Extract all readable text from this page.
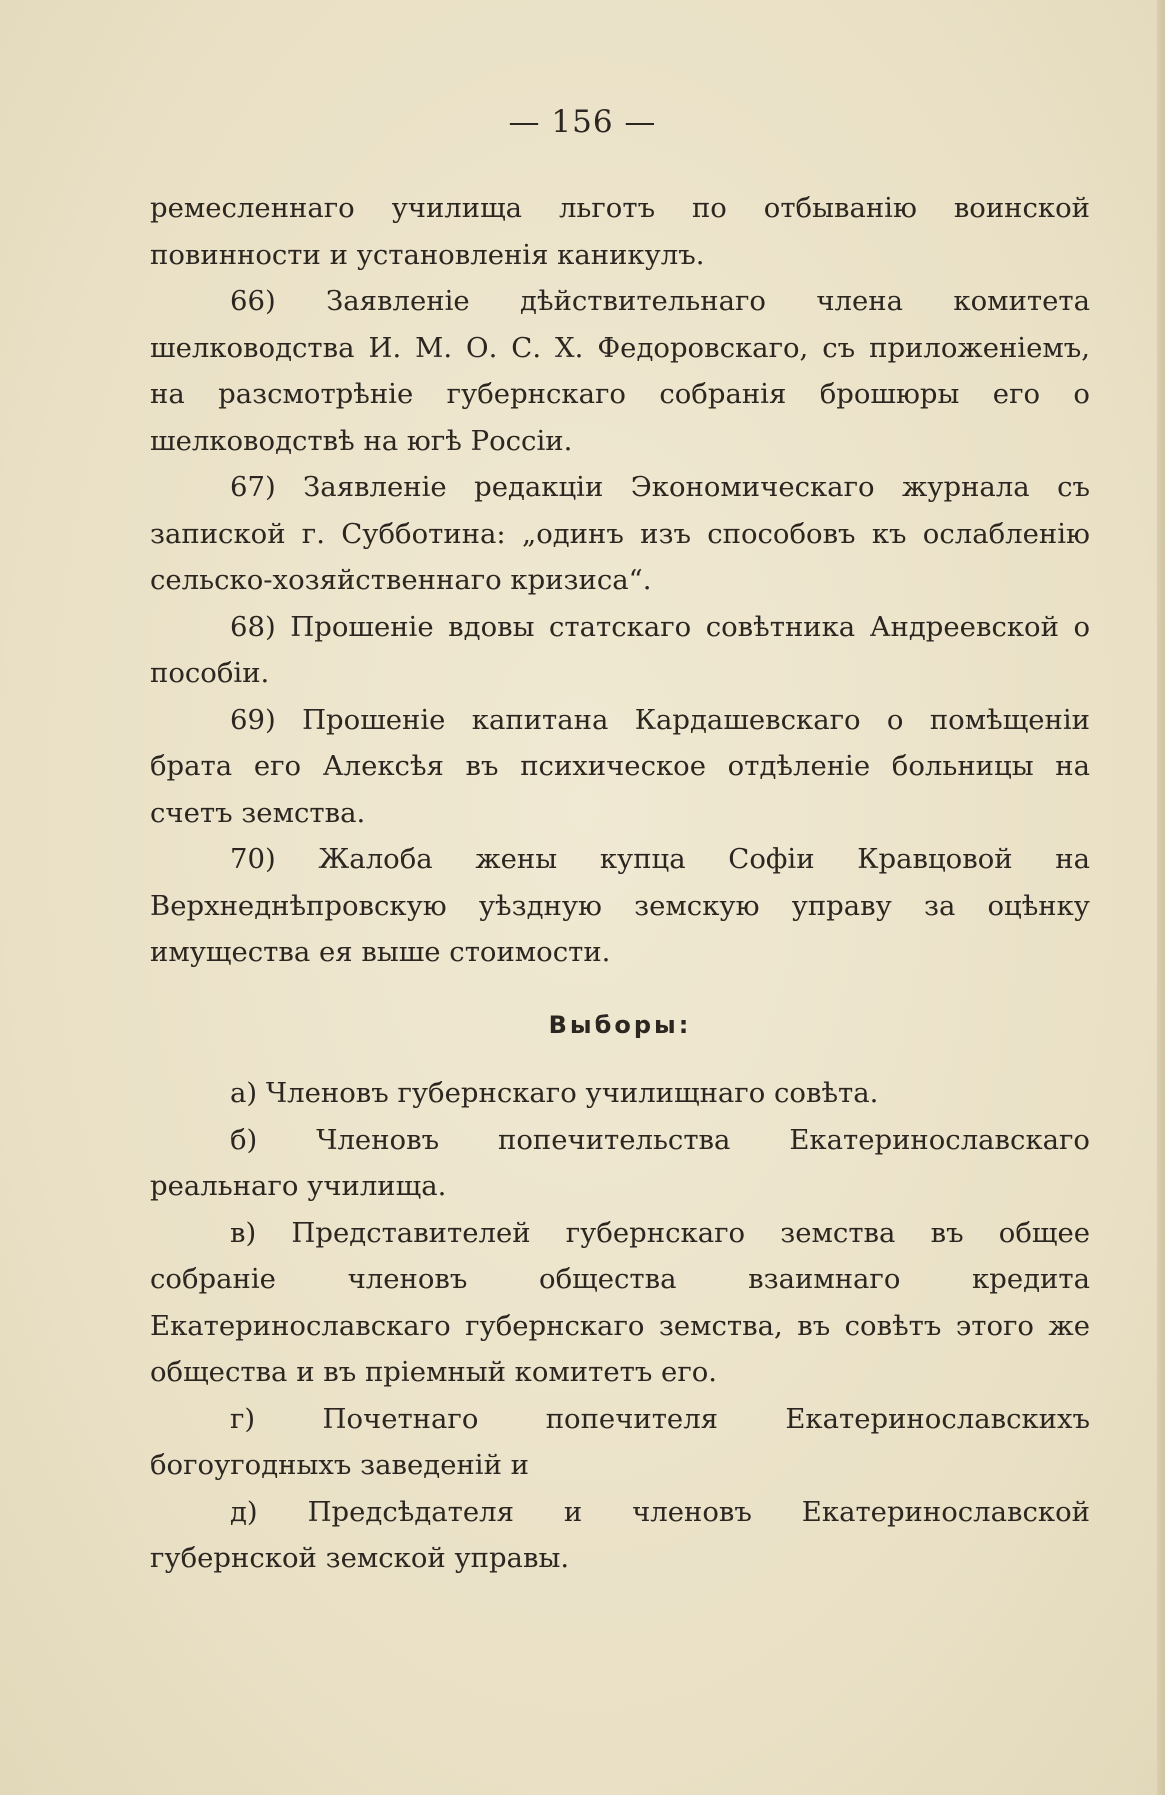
— 156 —

ремесленнаго училища льготъ по отбыванію воинской повинности и установленія каникулъ.

66) Заявленіе дѣйствительнаго члена комитета шелководства И. М. О. С. Х. Федоровскаго, съ приложеніемъ, на разсмотрѣніе губернскаго собранія брошюры его о шелководствѣ на югѣ Россіи.

67) Заявленіе редакціи Экономическаго журнала съ запиской г. Субботина: „одинъ изъ способовъ къ ослабленію сельско-хозяйственнаго кризиса“.

68) Прошеніе вдовы статскаго совѣтника Андреевской о пособіи.

69) Прошеніе капитана Кардашевскаго о помѣщеніи брата его Алексѣя въ психическое отдѣленіе больницы на счетъ земства.

70) Жалоба жены купца Софіи Кравцовой на Верхнеднѣпровскую уѣздную земскую управу за оцѣнку имущества ея выше стоимости.

Выборы:

а) Членовъ губернскаго училищнаго совѣта.

б) Членовъ попечительства Екатеринославскаго реальнаго училища.

в) Представителей губернскаго земства въ общее собраніе членовъ общества взаимнаго кредита Екатеринославскаго губернскаго земства, въ совѣтъ этого же общества и въ пріемный комитетъ его.

г) Почетнаго попечителя Екатеринославскихъ богоугодныхъ заведеній и

д) Предсѣдателя и членовъ Екатеринославской губернской земской управы.
